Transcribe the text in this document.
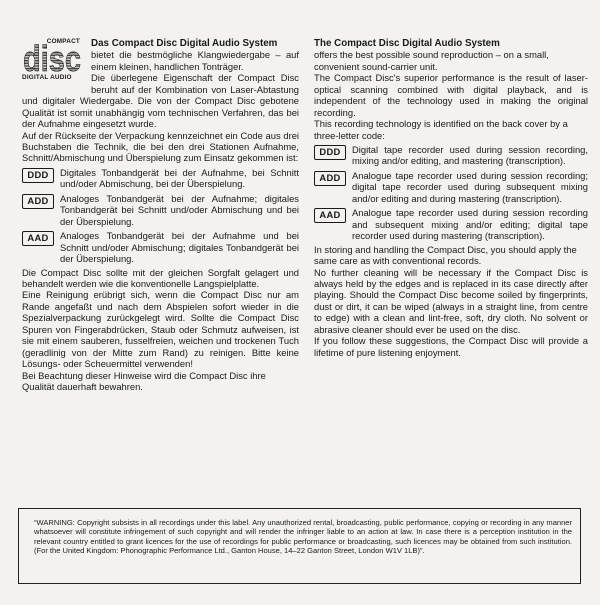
COMPACT
disc
DIGITAL AUDIO
Das Compact Disc Digital Audio System

bietet die bestmögliche Klangwiedergabe – auf einem kleinen, handlichen Tonträger.

Die überlegene Eigenschaft der Compact Disc beruht auf der Kombination von Laser-Abtastung und digitaler Wiedergabe. Die von der Compact Disc gebotene Qualität ist somit unabhängig vom technischen Verfahren, das bei der Aufnahme eingesetzt wurde.

Auf der Rückseite der Verpackung kennzeichnet ein Code aus drei Buchstaben die Technik, die bei den drei Stationen Aufnahme, Schnitt/Abmischung und Überspielung zum Einsatz gekommen ist:

DDD	Digitales Tonbandgerät bei der Aufnahme, bei Schnitt und/oder Abmischung, bei der Überspielung.

ADD	Analoges Tonbandgerät bei der Aufnahme; digitales Tonbandgerät bei Schnitt und/oder Abmischung und bei der Überspielung.

AAD	Analoges Tonbandgerät bei der Aufnahme und bei Schnitt und/oder Abmischung; digitales Tonbandgerät bei der Überspielung.

Die Compact Disc sollte mit der gleichen Sorgfalt gelagert und behandelt werden wie die konventionelle Langspielplatte.

Eine Reinigung erübrigt sich, wenn die Compact Disc nur am Rande angefaßt und nach dem Abspielen sofort wieder in die Spezialverpackung zurückgelegt wird. Sollte die Compact Disc Spuren von Fingerabdrücken, Staub oder Schmutz aufweisen, ist sie mit einem sauberen, fusselfreien, weichen und trockenen Tuch (geradlinig von der Mitte zum Rand) zu reinigen. Bitte keine Lösungs- oder Scheuermittel verwenden!

Bei Beachtung dieser Hinweise wird die Compact Disc ihre Qualität dauerhaft bewahren.

The Compact Disc Digital Audio System

offers the best possible sound reproduction – on a small, convenient sound-carrier unit.

The Compact Disc's superior performance is the result of laser-optical scanning combined with digital playback, and is independent of the technology used in making the original recording.

This recording technology is identified on the back cover by a three-letter code:

DDD	Digital tape recorder used during session recording, mixing and/or editing, and mastering (transcription).

ADD	Analogue tape recorder used during session recording; digital tape recorder used during subsequent mixing and/or editing and during mastering (transcription).

AAD	Analogue tape recorder used during session recording and subsequent mixing and/or editing; digital tape recorder used during mastering (transcription).

In storing and handling the Compact Disc, you should apply the same care as with conventional records.

No further cleaning will be necessary if the Compact Disc is always held by the edges and is replaced in its case directly after playing. Should the Compact Disc become soiled by fingerprints, dust or dirt, it can be wiped (always in a straight line, from centre to edge) with a clean and lint-free, soft, dry cloth. No solvent or abrasive cleaner should ever be used on the disc.

If you follow these suggestions, the Compact Disc will provide a lifetime of pure listening enjoyment.

“WARNING: Copyright subsists in all recordings under this label. Any unauthorized rental, broadcasting, public performance, copying or recording in any manner whatsoever will constitute infringement of such copyright and will render the infringer liable to an action at law. In case there is a perception institution in the relevant country entitled to grant licences for the use of recordings for public performance or broadcasting, such licences may be obtained from such institution. (For the United Kingdom: Phonographic Performance Ltd., Ganton House, 14–22 Ganton Street, London W1V 1LB)”.
